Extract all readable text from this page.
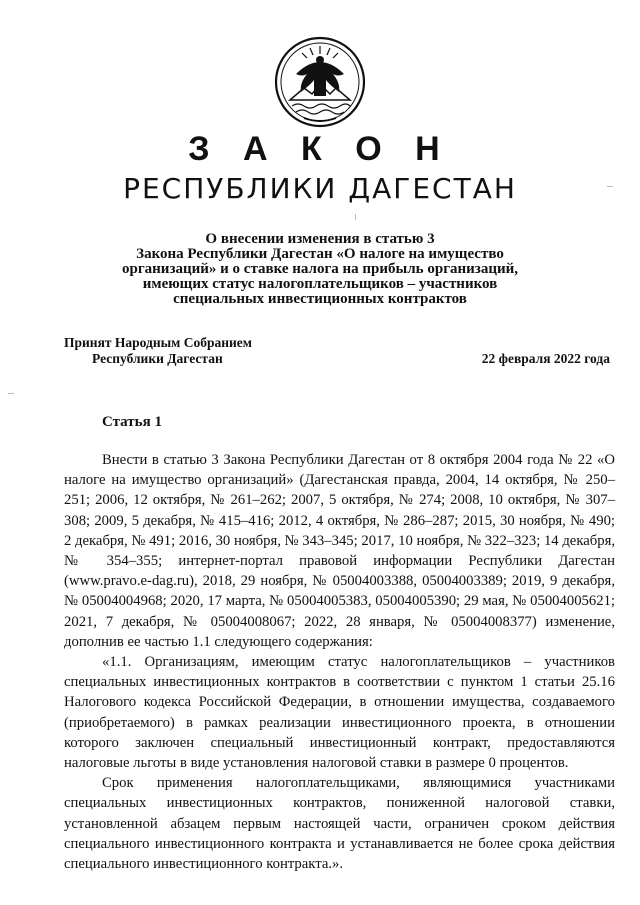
З А К О Н
РЕСПУБЛИКИ ДАГЕСТАН
О внесении изменения в статью 3
Закона Республики Дагестан «О налоге на имущество
организаций» и о ставке налога на прибыль организаций,
имеющих статус налогоплательщиков – участников
специальных инвестиционных контрактов
Принят Народным Собранием
Республики Дагестан	22 февраля 2022 года
Статья 1

Внести в статью 3 Закона Республики Дагестан от 8 октября 2004 года № 22 «О налоге на имущество организаций» (Дагестанская правда, 2004, 14 октября, № 250–251; 2006, 12 октября, № 261–262; 2007, 5 октября, № 274; 2008, 10 октября, № 307–308; 2009, 5 декабря, № 415–416; 2012, 4 октября, № 286–287; 2015, 30 ноября, № 490; 2 декабря, № 491; 2016, 30 ноября, № 343–345; 2017, 10 ноября, № 322–323; 14 декабря, № 354–355; интернет-портал правовой информации Республики Дагестан (www.pravo.e-dag.ru), 2018, 29 ноября, № 05004003388, 05004003389; 2019, 9 декабря, № 05004004968; 2020, 17 марта, № 05004005383, 05004005390; 29 мая, № 05004005621; 2021, 7 декабря, № 05004008067; 2022, 28 января, № 05004008377) изменение, дополнив ее частью 1.1 следующего содержания:

«1.1. Организациям, имеющим статус налогоплательщиков – участников специальных инвестиционных контрактов в соответствии с пунктом 1 статьи 25.16 Налогового кодекса Российской Федерации, в отношении имущества, создаваемого (приобретаемого) в рамках реализации инвестиционного проекта, в отношении которого заключен специальный инвестиционный контракт, предоставляются налоговые льготы в виде установления налоговой ставки в размере 0 процентов.

Срок применения налогоплательщиками, являющимися участниками специальных инвестиционных контрактов, пониженной налоговой ставки, установленной абзацем первым настоящей части, ограничен сроком действия специального инвестиционного контракта и устанавливается не более срока действия специального инвестиционного контракта.».
